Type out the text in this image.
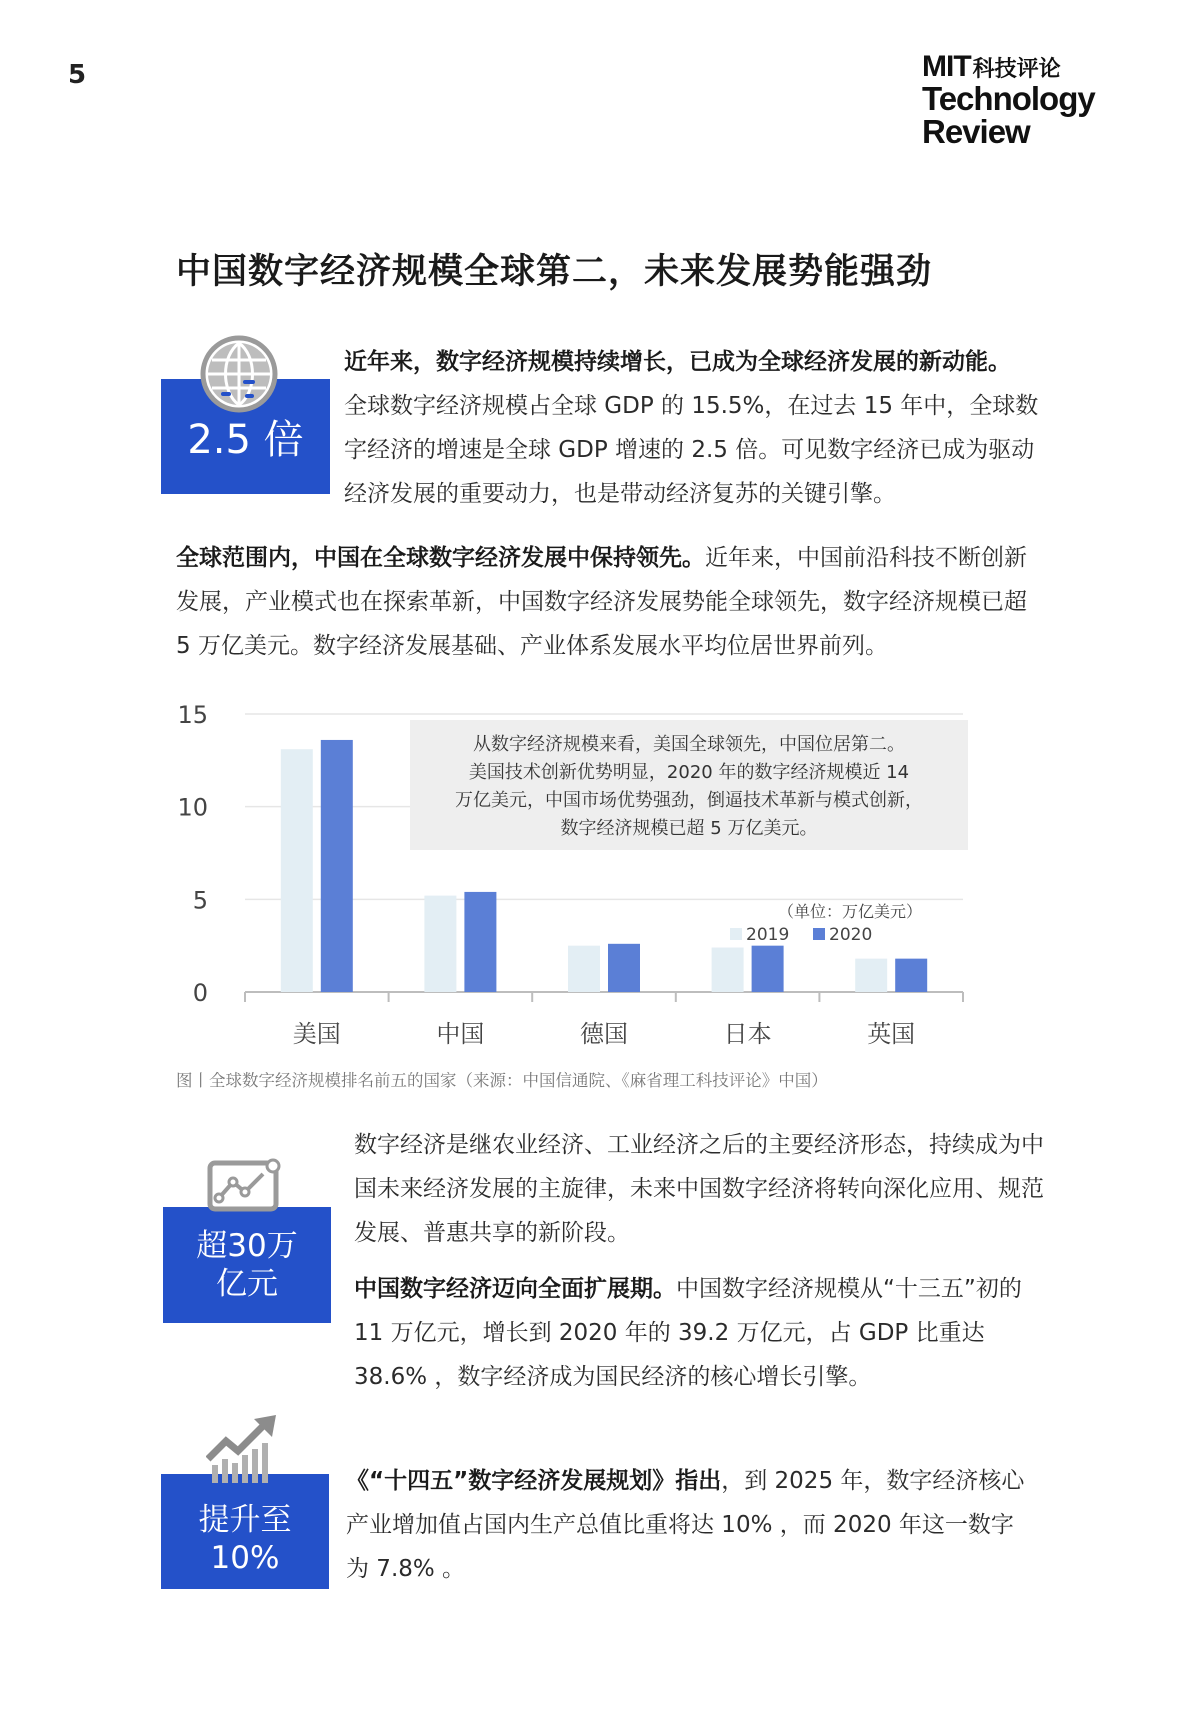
5	MIT科技评论
Technology
Review
中国数字经济规模全球第二，未来发展势能强劲
2.5 倍

近年来，数字经济规模持续增长，已成为全球经济发展的新动能。

全球数字经济规模占全球 GDP 的 15.5%，在过去 15 年中，全球数字经济的增速是全球 GDP 增速的 2.5 倍。可见数字经济已成为驱动经济发展的重要动力，也是带动经济复苏的关键引擎。

全球范围内，中国在全球数字经济发展中保持领先。近年来，中国前沿科技不断创新发展，产业模式也在探索革新，中国数字经济发展势能全球领先，数字经济规模已超 5 万亿美元。数字经济发展基础、产业体系发展水平均位居世界前列。

0
5
10
15
美国	中国	德国	日本	英国
从数字经济规模来看，美国全球领先，中国位居第二。
美国技术创新优势明显，2020 年的数字经济规模近 14
万亿美元，中国市场优势强劲，倒逼技术革新与模式创新，
数字经济规模已超 5 万亿美元。
（单位：万亿美元）
2019 2020
图丨全球数字经济规模排名前五的国家（来源：中国信通院、《麻省理工科技评论》中国）
超30万
亿元

数字经济是继农业经济、工业经济之后的主要经济形态，持续成为中国未来经济发展的主旋律，未来中国数字经济将转向深化应用、规范发展、普惠共享的新阶段。

中国数字经济迈向全面扩展期。中国数字经济规模从“十三五”初的 11 万亿元，增长到 2020 年的 39.2 万亿元，占 GDP 比重达 38.6% ，数字经济成为国民经济的核心增长引擎。

提升至
10%

《“十四五”数字经济发展规划》指出，到 2025 年，数字经济核心产业增加值占国内生产总值比重将达 10% ，而 2020 年这一数字为 7.8% 。
